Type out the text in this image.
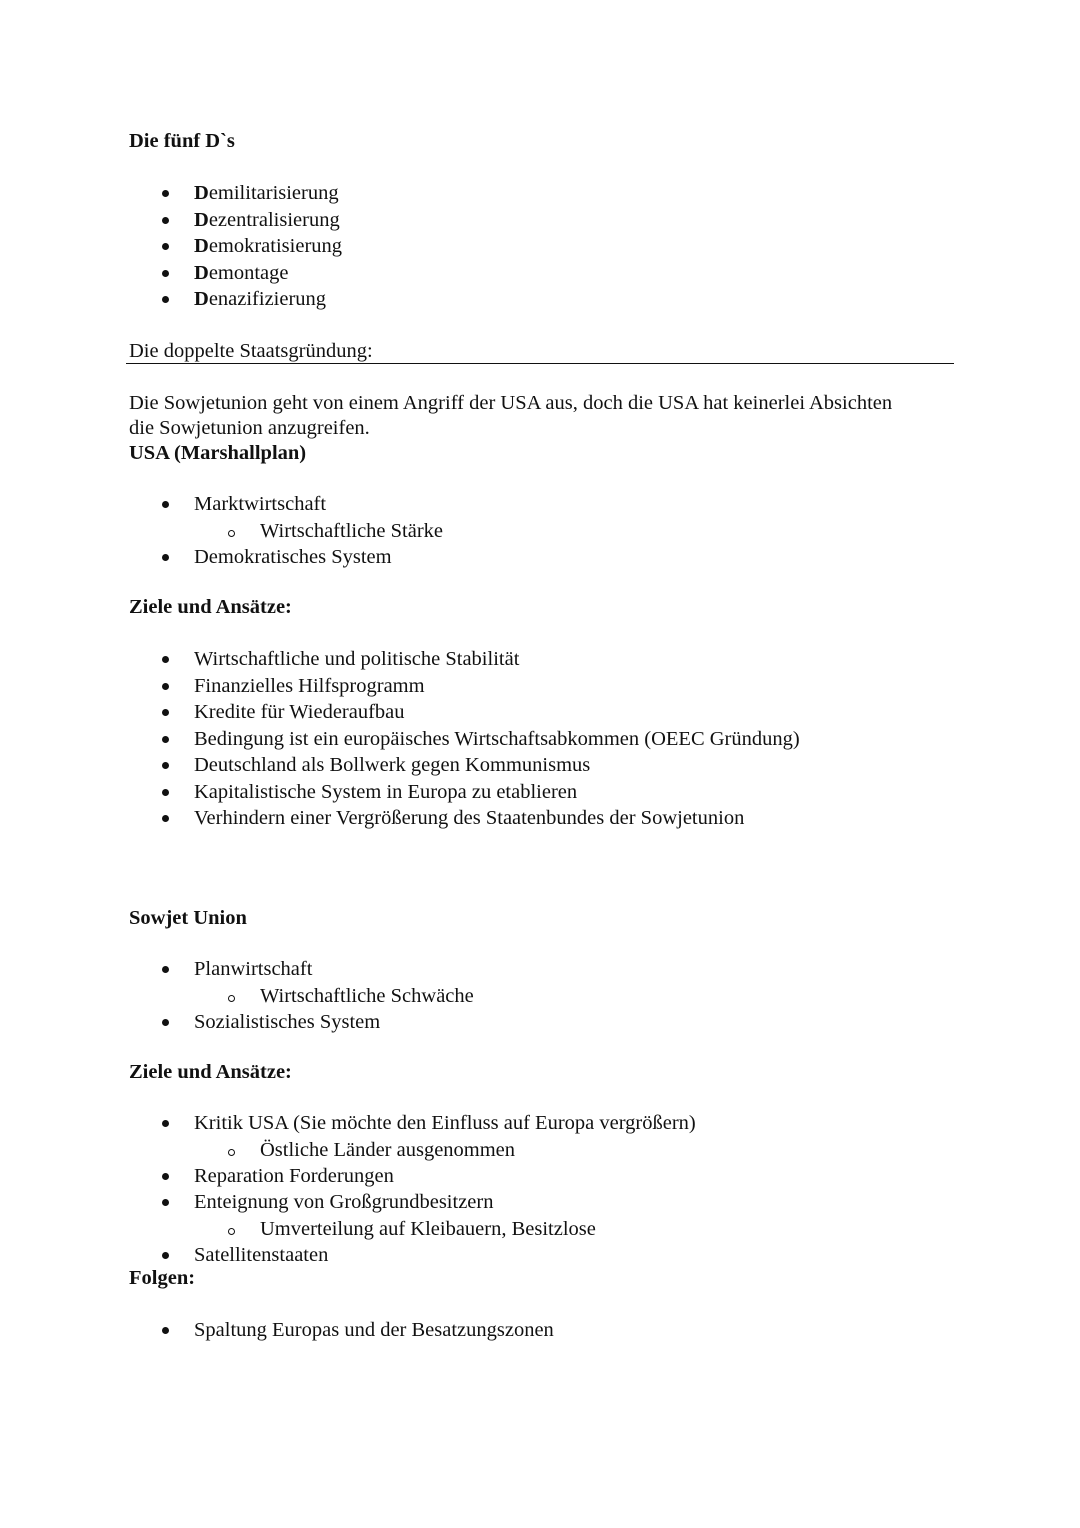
Die fünf D`s
Demilitarisierung
Dezentralisierung
Demokratisierung
Demontage
Denazifizierung
Die doppelte Staatsgründung:
Die Sowjetunion geht von einem Angriff der USA aus, doch die USA hat keinerlei Absichten
die Sowjetunion anzugreifen.
USA (Marshallplan)
Marktwirtschaft
Wirtschaftliche Stärke
Demokratisches System
Ziele und Ansätze:
Wirtschaftliche und politische Stabilität
Finanzielles Hilfsprogramm
Kredite für Wiederaufbau
Bedingung ist ein europäisches Wirtschaftsabkommen (OEEC Gründung)
Deutschland als Bollwerk gegen Kommunismus
Kapitalistische System in Europa zu etablieren
Verhindern einer Vergrößerung des Staatenbundes der Sowjetunion
Sowjet Union
Planwirtschaft
Wirtschaftliche Schwäche
Sozialistisches System
Ziele und Ansätze:
Kritik USA (Sie möchte den Einfluss auf Europa vergrößern)
Östliche Länder ausgenommen
Reparation Forderungen
Enteignung von Großgrundbesitzern
Umverteilung auf Kleibauern, Besitzlose
Satellitenstaaten
Folgen:
Spaltung Europas und der Besatzungszonen
